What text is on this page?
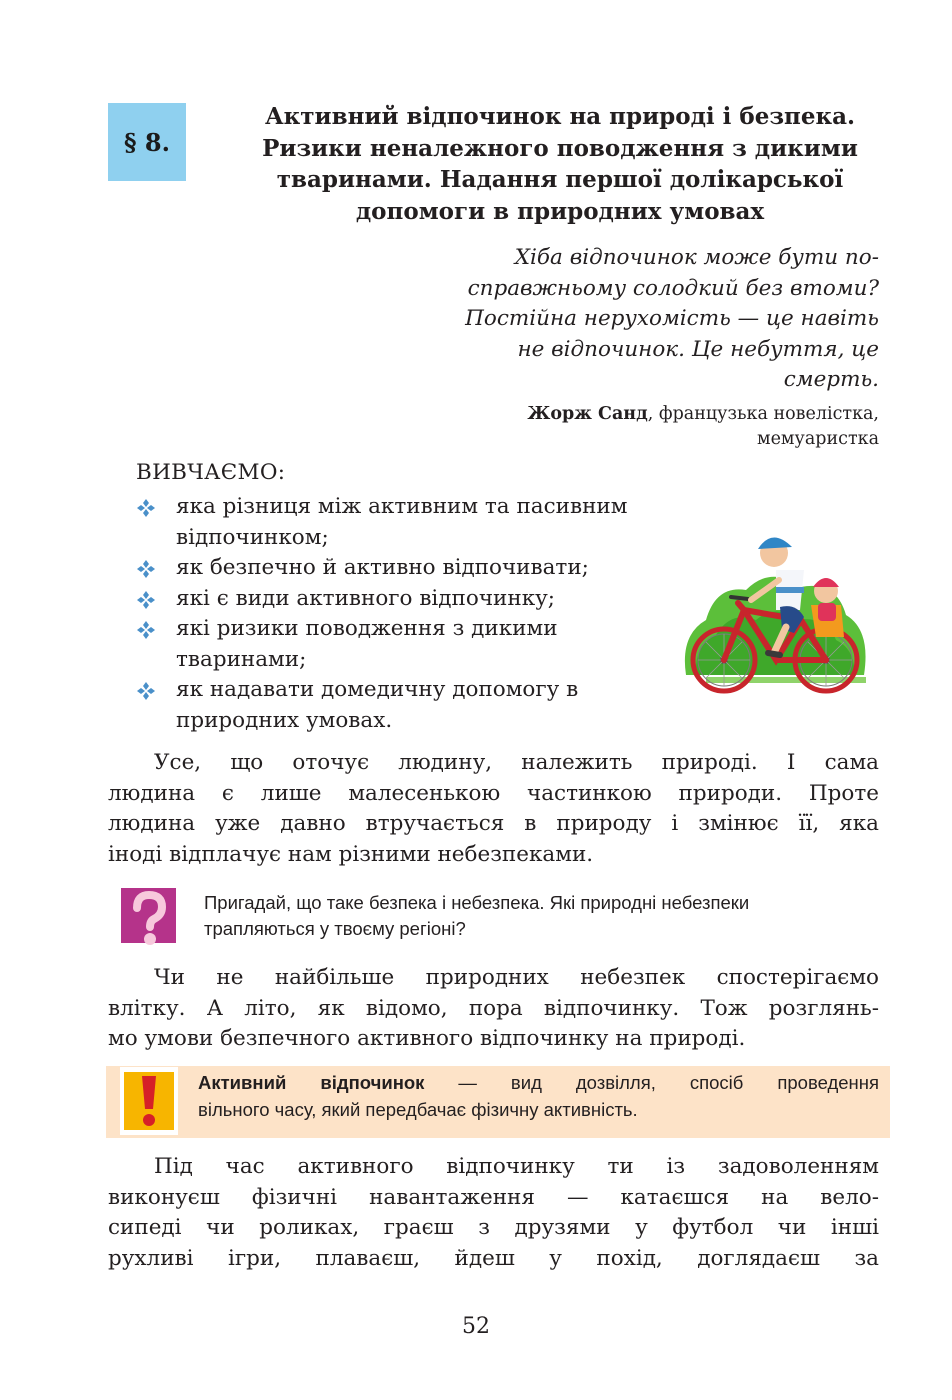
§ 8.
Активний відпочинок на природі і безпека.
Ризики неналежного поводження з дикими
тваринами. Надання першої долікарської
допомоги в природних умовах
Хіба відпочинок може бути по-
справжньому солодкий без втоми?
Постійна нерухомість — це навіть
не відпочинок. Це небуття, це
смерть.
Жорж Санд, французька новелістка,
мемуаристка
ВИВЧАЄМО:
яка різниця між активним та пасивним
відпочинком;
як безпечно й активно відпочивати;
які є види активного відпочинку;
які ризики поводження з дикими
тваринами;
як надавати домедичну допомогу в
природних умовах.
Усе, що оточує людину, належить природі. І сама
людина є лише малесенькою частинкою природи. Проте
людина уже давно втручається в природу і змінює її, яка
іноді відплачує нам різними небезпеками.
Пригадай, що таке безпека і небезпека. Які природні небезпеки
трапляються у твоєму регіоні?
Чи не найбільше природних небезпек спостерігаємо
влітку. А літо, як відомо, пора відпочинку. Тож розглянь-
мо умови безпечного активного відпочинку на природі.
Активний відпочинок — вид дозвілля, спосіб проведення
вільного часу, який передбачає фізичну активність.
Під час активного відпочинку ти із задоволенням
виконуєш фізичні навантаження — катаєшся на вело-
сипеді чи роликах, граєш з друзями у футбол чи інші
рухливі ігри, плаваєш, йдеш у похід, доглядаєш за
52
